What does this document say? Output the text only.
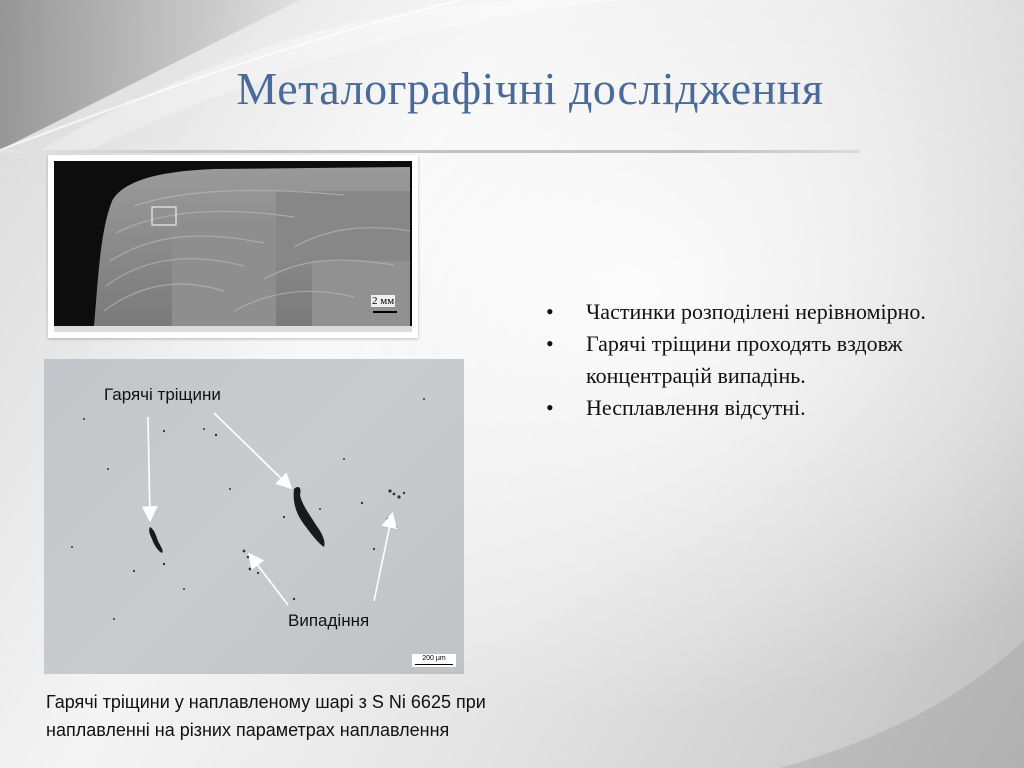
Металографічні дослідження
2 мм
Гарячі тріщини
Випадіння
200 µm
• Частинки розподілені нерівномірно.
• Гарячі тріщини проходять вздовж концентрацій випадінь.
• Несплавлення відсутні.
Гарячі тріщини у наплавленому шарі з S Ni 6625 при
наплавленні на різних параметрах наплавлення
